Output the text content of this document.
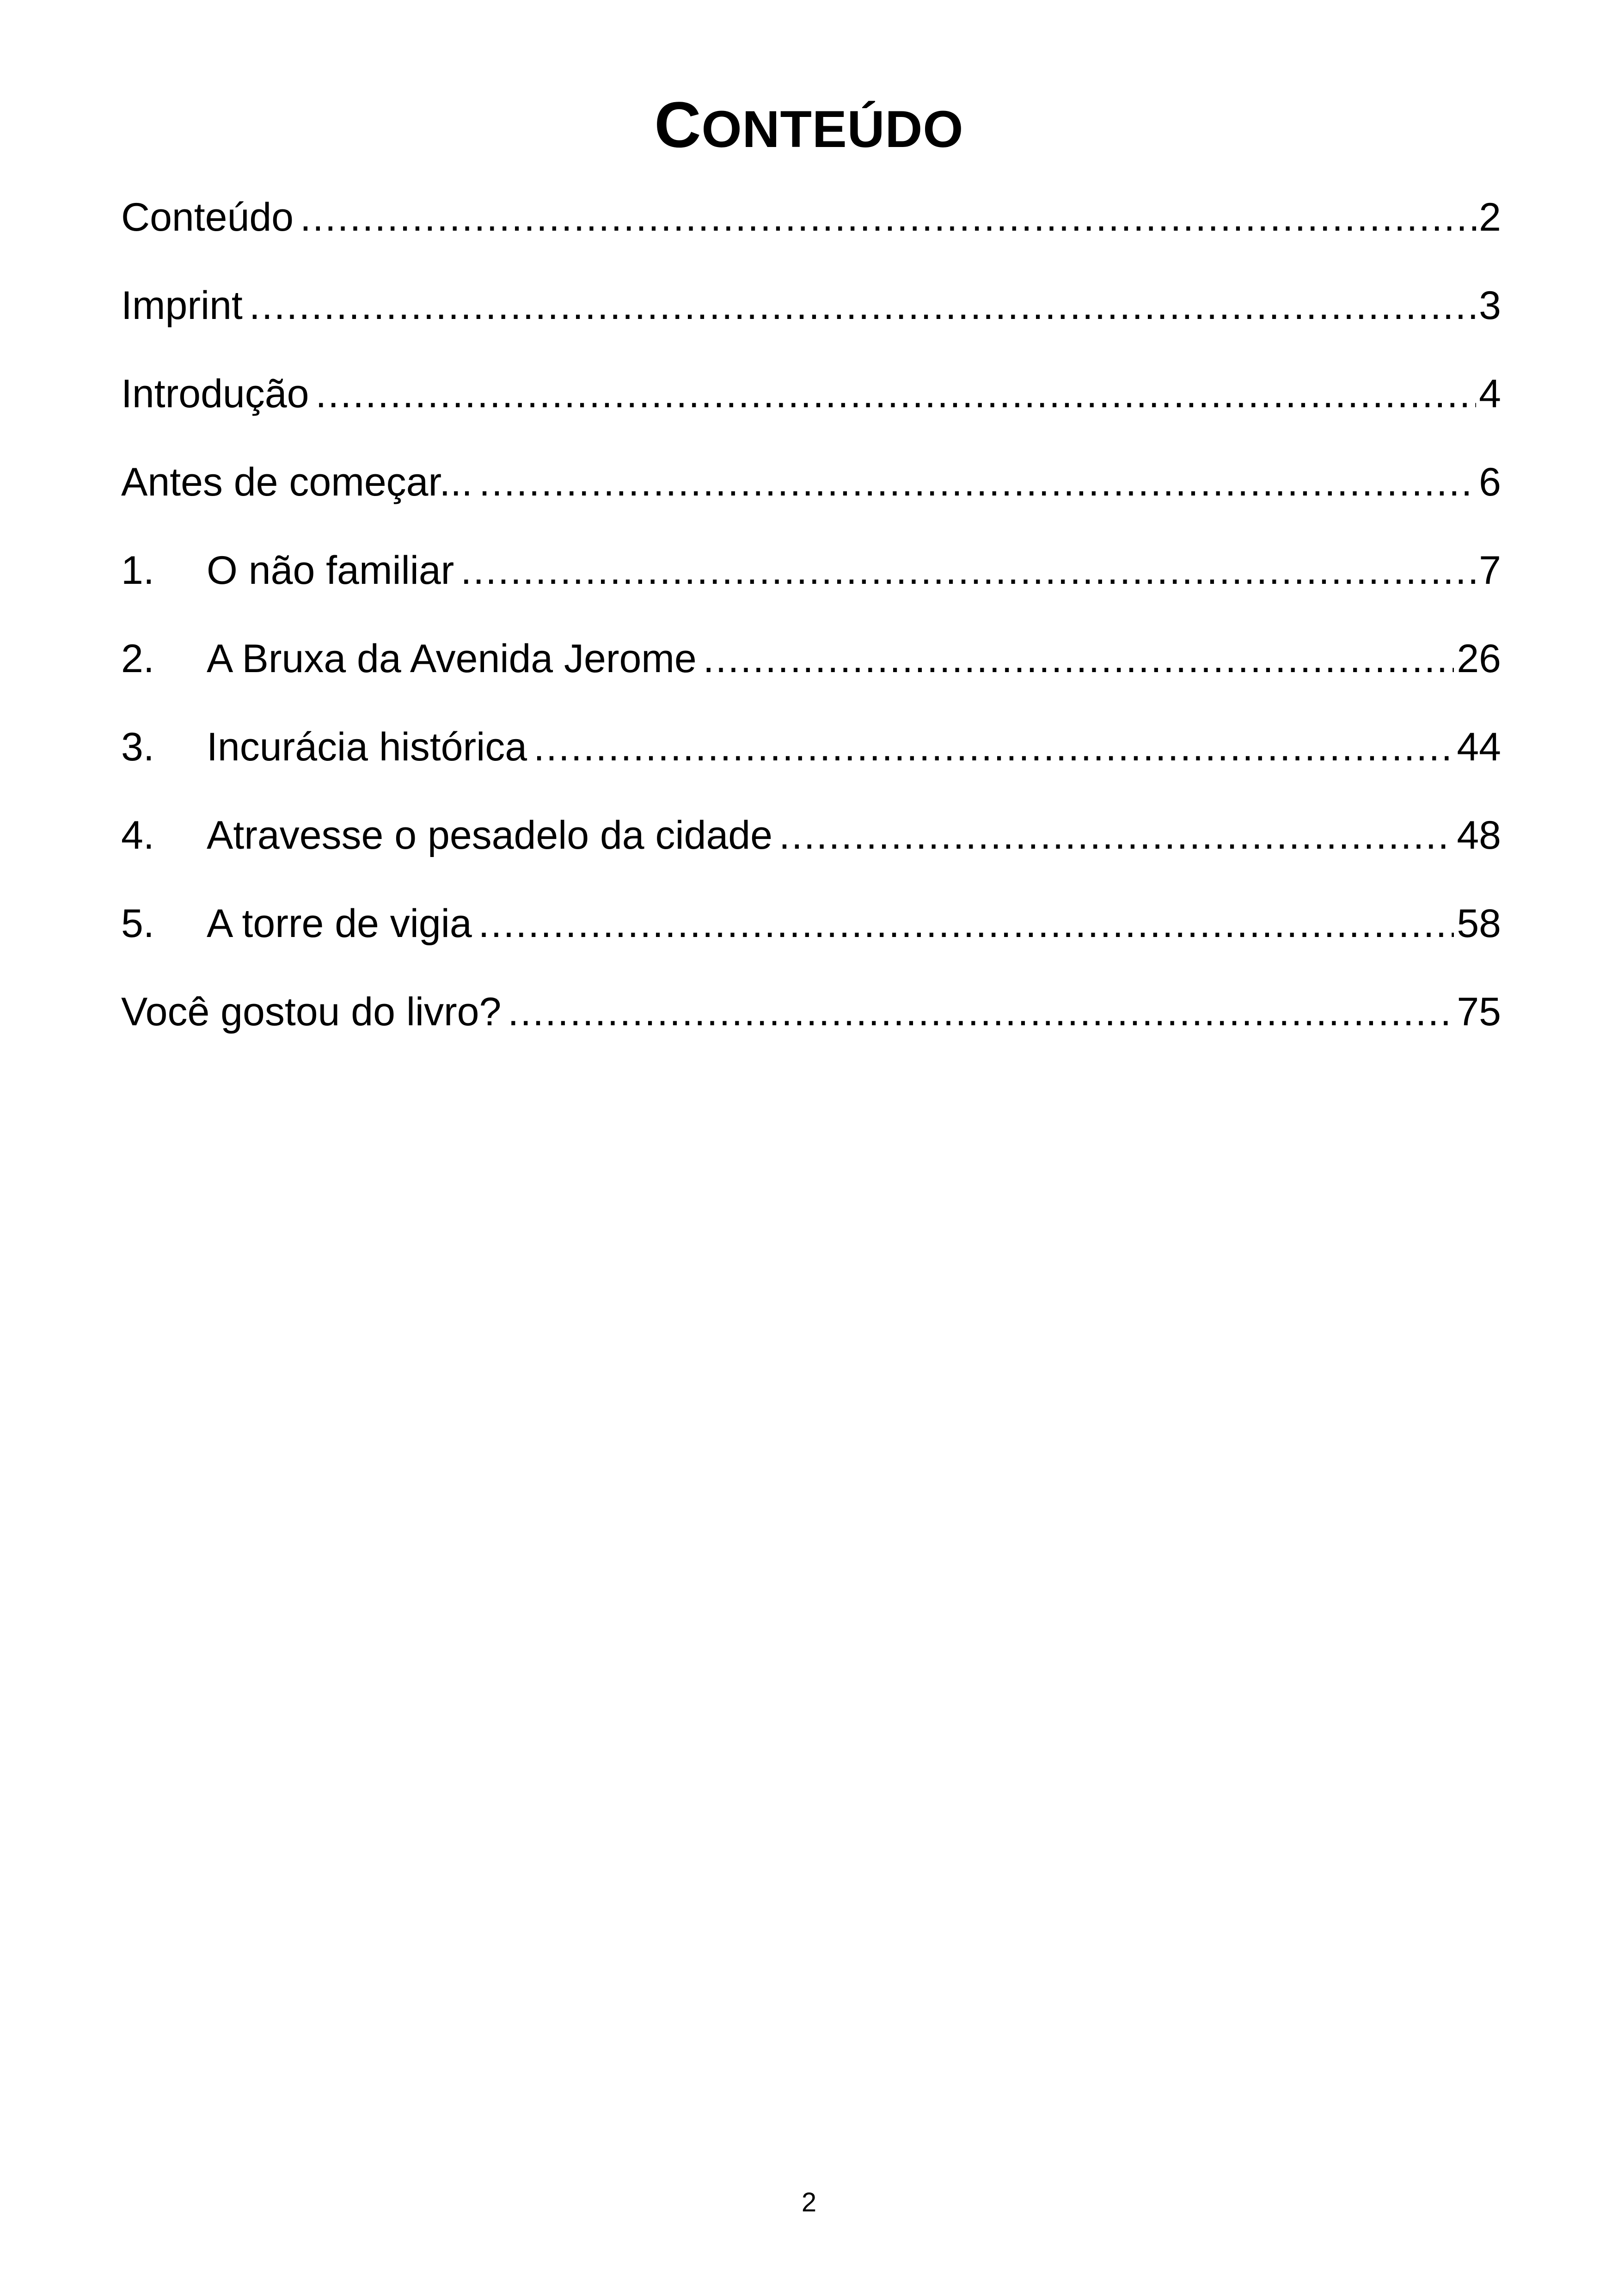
CONTEÚDO
Conteúdo .....	2
Imprint .....	3
Introdução .....	4
Antes de começar... .....	6
1.	O não familiar .....	7
2.	A Bruxa da Avenida Jerome .....	26
3.	Incurácia histórica .....	44
4.	Atravesse o pesadelo da cidade .....	48
5.	A torre de vigia .....	58
Você gostou do livro? .....	75
2
